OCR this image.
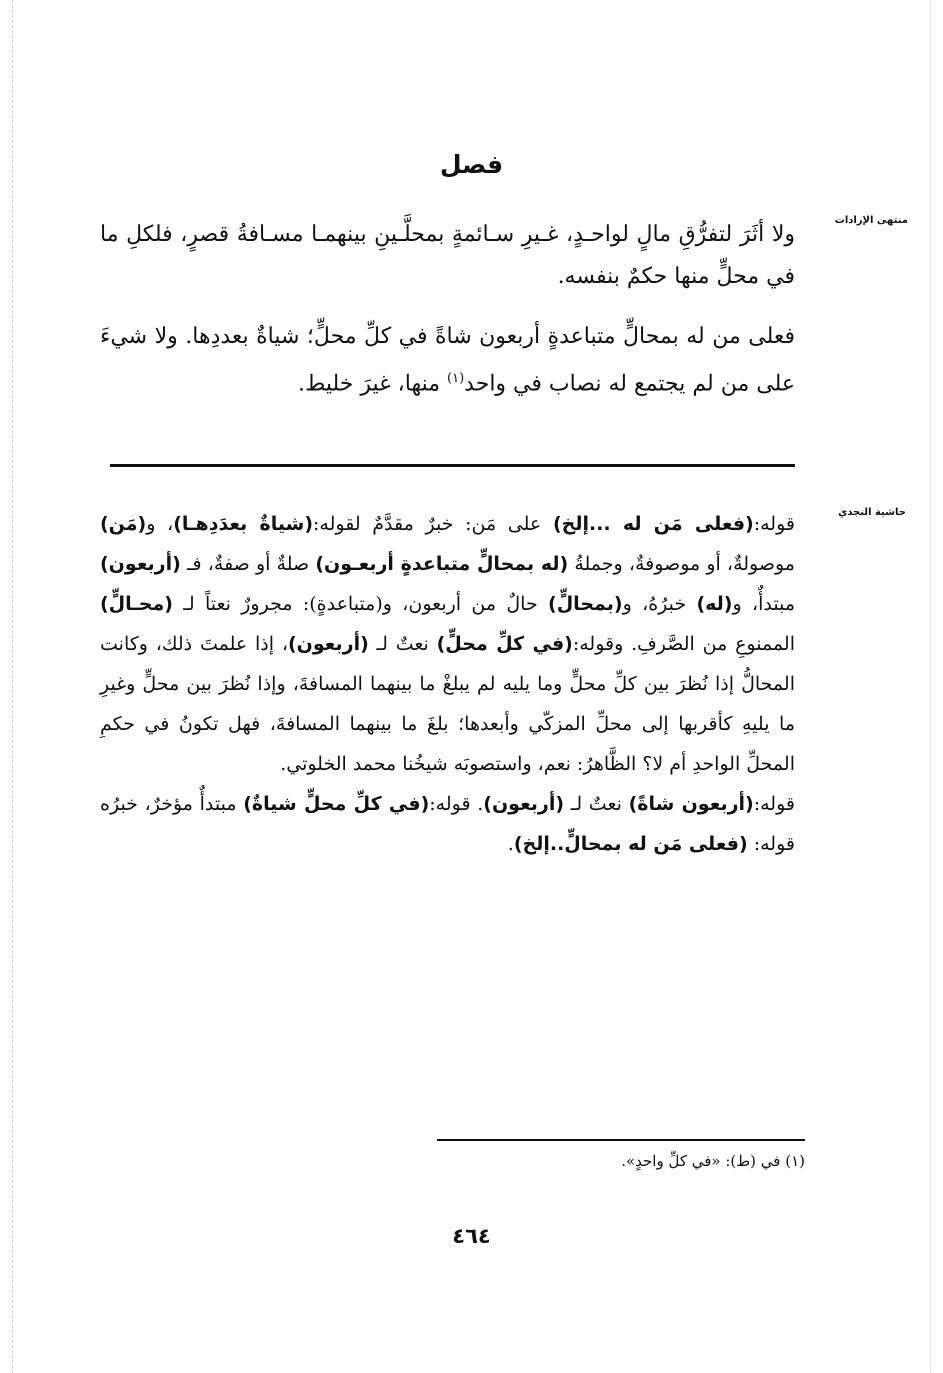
منتهى الإرادات
حاشية النجدي
فصل

ولا أثَرَ لتفرُّقِ مالٍ لواحـدٍ، غـيرِ سـائمةٍ بمحلَّـينِ بينهمـا مسـافةُ قصرٍ، فلكلِ ما في محلٍّ منها حكمٌ بنفسه.

فعلى من له بمحالٍّ متباعدةٍ أربعون شاةً في كلِّ محلٍّ؛ شياةٌ بعددِها. ولا شيءَ على من لم يجتمع له نصاب في واحد$^{(١)}$ منها، غيرَ خليط.

قوله:(فعلى مَن له ...إلخ) على مَن: خبرٌ مقدَّمٌ لقوله:(شياةٌ بعدَدِهـا)، و(مَن) موصولةٌ، أو موصوفةٌ، وجملةُ (له بمحالٍّ متباعدةٍ أربعـون) صلةٌ أو صفةٌ، فـ (أربعون) مبتدأٌ، و(له) خبرُهُ، و(بمحالٍّ) حالٌ من أربعون، و(متباعدةٍ): مجرورٌ نعتاً لـ (محـالٍّ) الممنوعِ من الصَّرفِ. وقوله:(في كلِّ محلٍّ) نعتٌ لـ (أربعون)، إذا علمتَ ذلك، وكانت المحالُّ إذا نُظرَ بين كلِّ محلٍّ وما يليه لم يبلغْ ما بينهما المسافةَ، وإذا نُظرَ بين محلٍّ وغيرِ ما يليهِ كأقربها إلى محلِّ المزكّي وأبعدها؛ بلغَ ما بينهما المسافةَ، فهل تكونُ في حكمِ المحلِّ الواحدِ أم لا؟ الظَّاهرُ: نعم، واستصوبَه شيخُنا محمد الخلوتي.

قوله:(أربعون شاةً) نعتٌ لـ (أربعون). قوله:(في كلِّ محلٍّ شياةٌ) مبتدأٌ مؤخرٌ، خبرُه قوله: (فعلى مَن له بمحالٍّ..إلخ).

(١) في (ط): «في كلِّ واحدٍ».
٤٦٤
